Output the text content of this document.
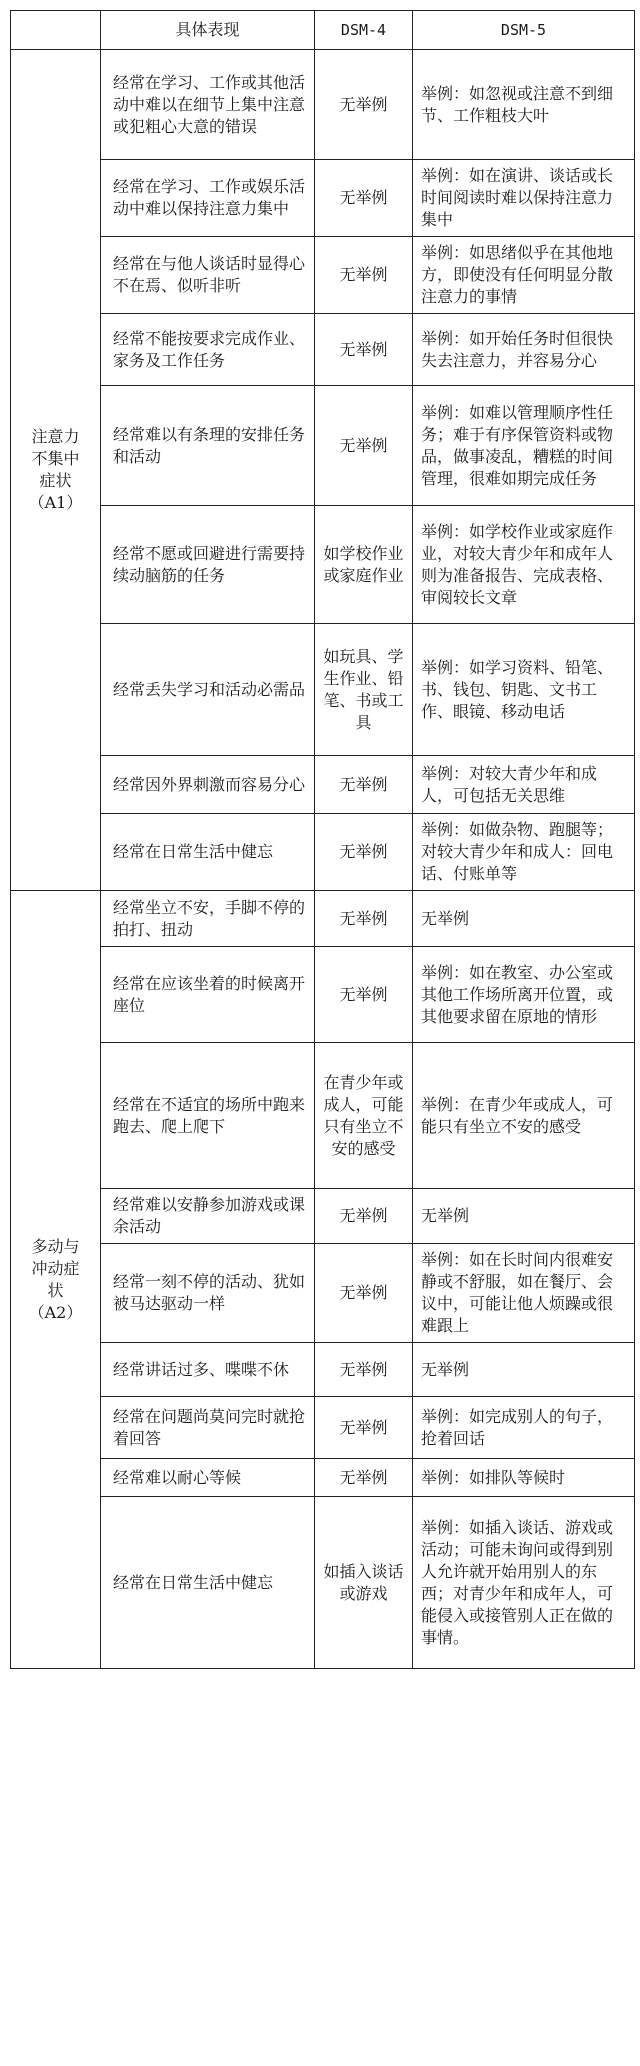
	具体表现	DSM-4	DSM-5

注意力
不集中
症状
（A1）	经常在学习、工作或其他活动中难以在细节上集中注意或犯粗心大意的错误	无举例	举例：如忽视或注意不到细节、工作粗枝大叶
	经常在学习、工作或娱乐活动中难以保持注意力集中	无举例	举例：如在演讲、谈话或长时间阅读时难以保持注意力集中
	经常在与他人谈话时显得心不在焉、似听非听	无举例	举例：如思绪似乎在其他地方，即使没有任何明显分散注意力的事情
	经常不能按要求完成作业、家务及工作任务	无举例	举例：如开始任务时但很快失去注意力，并容易分心
	经常难以有条理的安排任务和活动	无举例	举例：如难以管理顺序性任务；难于有序保管资料或物品，做事凌乱，糟糕的时间管理，很难如期完成任务
	经常不愿或回避进行需要持续动脑筋的任务	如学校作业或家庭作业	举例：如学校作业或家庭作业，对较大青少年和成年人则为准备报告、完成表格、审阅较长文章
	经常丢失学习和活动必需品	如玩具、学生作业、铅笔、书或工具	举例：如学习资料、铅笔、书、钱包、钥匙、文书工作、眼镜、移动电话
	经常因外界刺激而容易分心	无举例	举例：对较大青少年和成人，可包括无关思维
	经常在日常生活中健忘	无举例	举例：如做杂物、跑腿等；对较大青少年和成人：回电话、付账单等

多动与
冲动症
状
（A2）	经常坐立不安，手脚不停的拍打、扭动	无举例	无举例
	经常在应该坐着的时候离开座位	无举例	举例：如在教室、办公室或其他工作场所离开位置，或其他要求留在原地的情形
	经常在不适宜的场所中跑来跑去、爬上爬下	在青少年或成人，可能只有坐立不安的感受	举例：在青少年或成人，可能只有坐立不安的感受
	经常难以安静参加游戏或课余活动	无举例	无举例
	经常一刻不停的活动、犹如被马达驱动一样	无举例	举例：如在长时间内很难安静或不舒服，如在餐厅、会议中，可能让他人烦躁或很难跟上
	经常讲话过多、喋喋不休	无举例	无举例
	经常在问题尚莫问完时就抢着回答	无举例	举例：如完成别人的句子，抢着回话
	经常难以耐心等候	无举例	举例：如排队等候时
	经常在日常生活中健忘	如插入谈话或游戏	举例：如插入谈话、游戏或活动；可能未询问或得到别人允许就开始用别人的东西；对青少年和成年人，可能侵入或接管别人正在做的事情。
